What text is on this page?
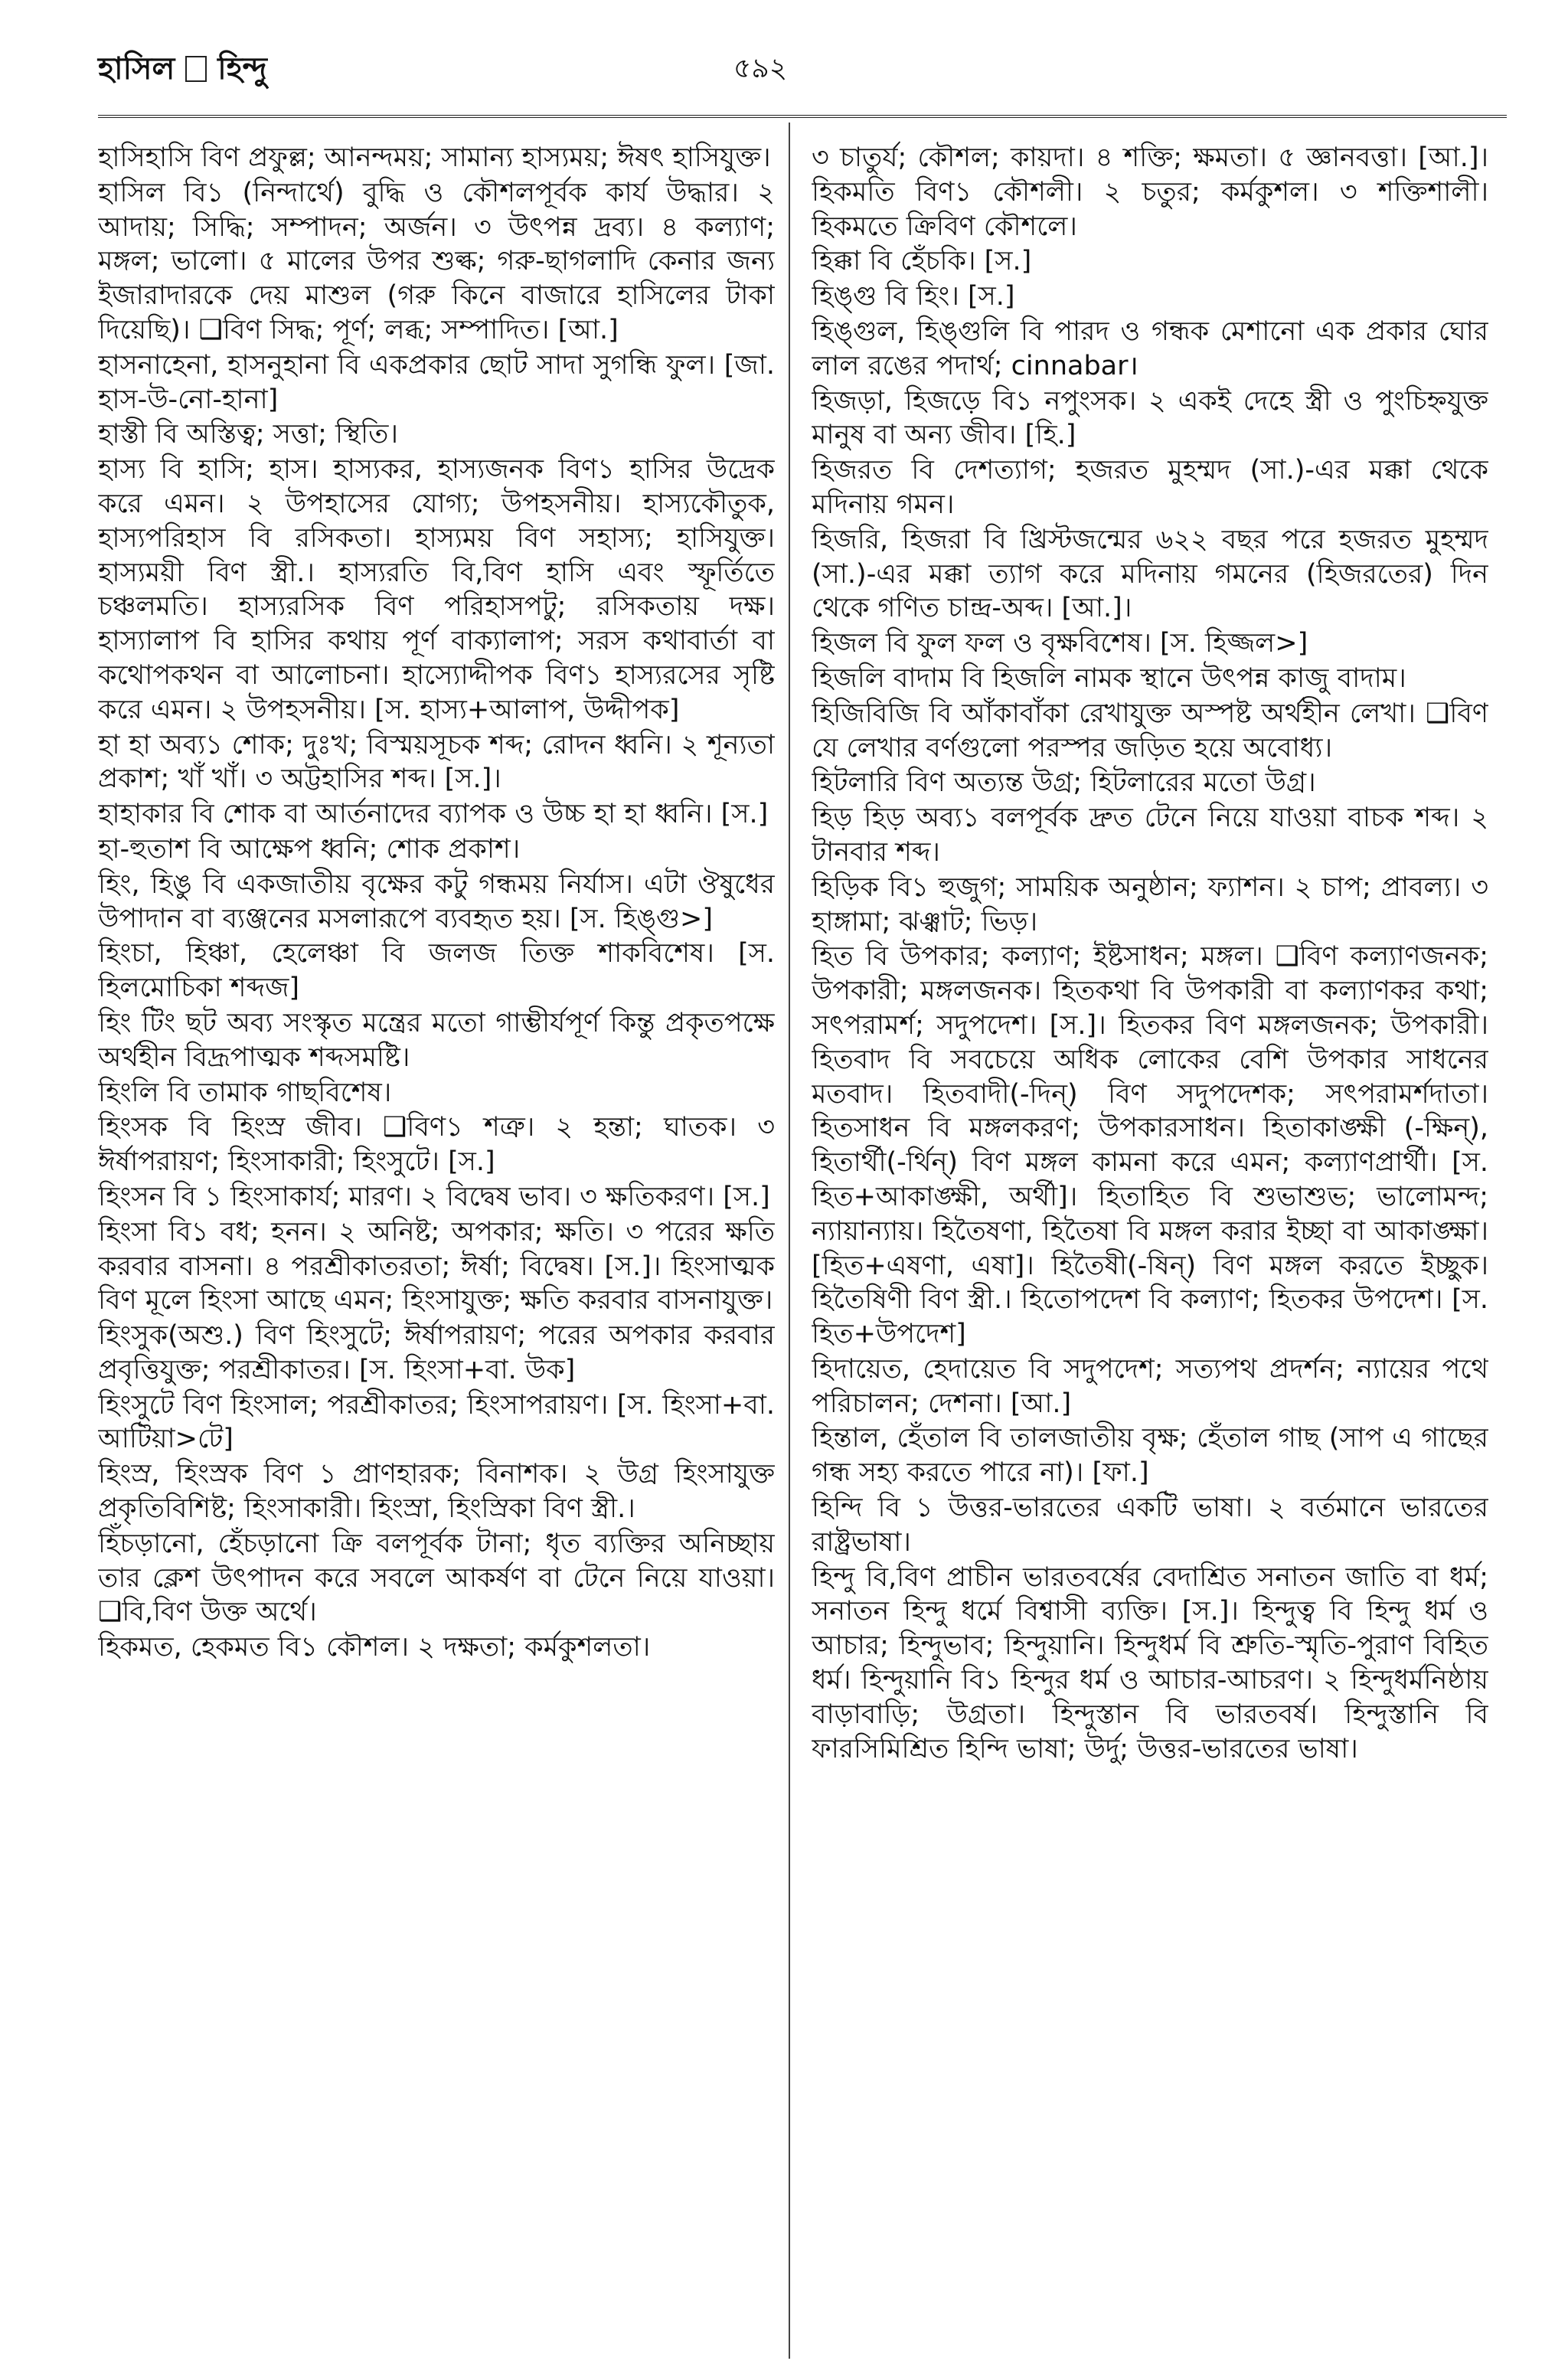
হাসিল হিন্দু	৫৯২

হাসিহাসি বিণ প্রফুল্ল; আনন্দময়; সামান্য হাস্যময়; ঈষৎ হাসিযুক্ত।

হাসিল বি১ (নিন্দার্থে) বুদ্ধি ও কৌশলপূর্বক কার্য উদ্ধার। ২ আদায়; সিদ্ধি; সম্পাদন; অর্জন। ৩ উৎপন্ন দ্রব্য। ৪ কল্যাণ; মঙ্গল; ভালো। ৫ মালের উপর শুল্ক; গরু-ছাগলাদি কেনার জন্য ইজারাদারকে দেয় মাশুল (গরু কিনে বাজারে হাসিলের টাকা দিয়েছি)। ❑বিণ সিদ্ধ; পূর্ণ; লব্ধ; সম্পাদিত। [আ.]

হাসনাহেনা, হাসনুহানা বি একপ্রকার ছোট সাদা সুগন্ধি ফুল। [জা. হাস-উ-নো-হানা]

হাস্তী বি অস্তিত্ব; সত্তা; স্থিতি।

হাস্য বি হাসি; হাস। হাস্যকর, হাস্যজনক বিণ১ হাসির উদ্রেক করে এমন। ২ উপহাসের যোগ্য; উপহসনীয়। হাস্যকৌতুক, হাস্যপরিহাস বি রসিকতা। হাস্যময় বিণ সহাস্য; হাসিযুক্ত। হাস্যময়ী বিণ স্ত্রী.। হাস্যরতি বি,বিণ হাসি এবং স্ফূর্তিতে চঞ্চলমতি। হাস্যরসিক বিণ পরিহাসপটু; রসিকতায় দক্ষ। হাস্যালাপ বি হাসির কথায় পূর্ণ বাক্যালাপ; সরস কথাবার্তা বা কথোপকথন বা আলোচনা। হাস্যোদ্দীপক বিণ১ হাস্যরসের সৃষ্টি করে এমন। ২ উপহসনীয়। [স. হাস্য+আলাপ, উদ্দীপক]

হা হা অব্য১ শোক; দুঃখ; বিস্ময়সূচক শব্দ; রোদন ধ্বনি। ২ শূন্যতা প্রকাশ; খাঁ খাঁ। ৩ অট্টহাসির শব্দ। [স.]।

হাহাকার বি শোক বা আর্তনাদের ব্যাপক ও উচ্চ হা হা ধ্বনি। [স.]

হা-হুতাশ বি আক্ষেপ ধ্বনি; শোক প্রকাশ।

হিং, হিঙু বি একজাতীয় বৃক্ষের কটু গন্ধময় নির্যাস। এটা ঔষুধের উপাদান বা ব্যঞ্জনের মসলারূপে ব্যবহৃত হয়। [স. হিঙ্গু>]

হিংচা, হিঞ্চা, হেলেঞ্চা বি জলজ তিক্ত শাকবিশেষ। [স. হিলমোচিকা শব্দজ]

হিং টিং ছট অব্য সংস্কৃত মন্ত্রের মতো গাম্ভীর্যপূর্ণ কিন্তু প্রকৃতপক্ষে অর্থহীন বিদ্রূপাত্মক শব্দসমষ্টি।

হিংলি বি তামাক গাছবিশেষ।

হিংসক বি হিংস্র জীব। ❑বিণ১ শত্রু। ২ হন্তা; ঘাতক। ৩ ঈর্ষাপরায়ণ; হিংসাকারী; হিংসুটে। [স.]

হিংসন বি ১ হিংসাকার্য; মারণ। ২ বিদ্বেষ ভাব। ৩ ক্ষতিকরণ। [স.]

হিংসা বি১ বধ; হনন। ২ অনিষ্ট; অপকার; ক্ষতি। ৩ পরের ক্ষতি করবার বাসনা। ৪ পরশ্রীকাতরতা; ঈর্ষা; বিদ্বেষ। [স.]। হিংসাত্মক বিণ মূলে হিংসা আছে এমন; হিংসাযুক্ত; ক্ষতি করবার বাসনাযুক্ত।

হিংসুক(অশু.) বিণ হিংসুটে; ঈর্ষাপরায়ণ; পরের অপকার করবার প্রবৃত্তিযুক্ত; পরশ্রীকাতর। [স. হিংসা+বা. উক]

হিংসুটে বিণ হিংসাল; পরশ্রীকাতর; হিংসাপরায়ণ। [স. হিংসা+বা. আটিয়া>টে]

হিংস্র, হিংস্রক বিণ ১ প্রাণহারক; বিনাশক। ২ উগ্র হিংসাযুক্ত প্রকৃতিবিশিষ্ট; হিংসাকারী। হিংস্রা, হিংস্রিকা বিণ স্ত্রী.।

হিঁচড়ানো, হেঁচড়ানো ক্রি বলপূর্বক টানা; ধৃত ব্যক্তির অনিচ্ছায় তার ক্লেশ উৎপাদন করে সবলে আকর্ষণ বা টেনে নিয়ে যাওয়া। ❑বি,বিণ উক্ত অর্থে।

হিকমত, হেকমত বি১ কৌশল। ২ দক্ষতা; কর্মকুশলতা।

৩ চাতুর্য; কৌশল; কায়দা। ৪ শক্তি; ক্ষমতা। ৫ জ্ঞানবত্তা। [আ.]। হিকমতি বিণ১ কৌশলী। ২ চতুর; কর্মকুশল। ৩ শক্তিশালী। হিকমতে ক্রিবিণ কৌশলে।

হিক্কা বি হেঁচকি। [স.]

হিঙ্গু বি হিং। [স.]

হিঙ্গুল, হিঙ্গুলি বি পারদ ও গন্ধক মেশানো এক প্রকার ঘোর লাল রঙের পদার্থ; cinnabar।

হিজড়া, হিজড়ে বি১ নপুংসক। ২ একই দেহে স্ত্রী ও পুংচিহ্নযুক্ত মানুষ বা অন্য জীব। [হি.]

হিজরত বি দেশত্যাগ; হজরত মুহম্মদ (সা.)-এর মক্কা থেকে মদিনায় গমন।

হিজরি, হিজরা বি খ্রিস্টজন্মের ৬২২ বছর পরে হজরত মুহম্মদ (সা.)-এর মক্কা ত্যাগ করে মদিনায় গমনের (হিজরতের) দিন থেকে গণিত চান্দ্র-অব্দ। [আ.]।

হিজল বি ফুল ফল ও বৃক্ষবিশেষ। [স. হিজ্জল>]

হিজলি বাদাম বি হিজলি নামক স্থানে উৎপন্ন কাজু বাদাম।

হিজিবিজি বি আঁকাবাঁকা রেখাযুক্ত অস্পষ্ট অর্থহীন লেখা। ❑বিণ যে লেখার বর্ণগুলো পরস্পর জড়িত হয়ে অবোধ্য।

হিটলারি বিণ অত্যন্ত উগ্র; হিটলারের মতো উগ্র।

হিড় হিড় অব্য১ বলপূর্বক দ্রুত টেনে নিয়ে যাওয়া বাচক শব্দ। ২ টানবার শব্দ।

হিড়িক বি১ হুজুগ; সাময়িক অনুষ্ঠান; ফ্যাশন। ২ চাপ; প্রাবল্য। ৩ হাঙ্গামা; ঝঞ্ঝাট; ভিড়।

হিত বি উপকার; কল্যাণ; ইষ্টসাধন; মঙ্গল। ❑বিণ কল্যাণজনক; উপকারী; মঙ্গলজনক। হিতকথা বি উপকারী বা কল্যাণকর কথা; সৎপরামর্শ; সদুপদেশ। [স.]। হিতকর বিণ মঙ্গলজনক; উপকারী। হিতবাদ বি সবচেয়ে অধিক লোকের বেশি উপকার সাধনের মতবাদ। হিতবাদী(-দিন্) বিণ সদুপদেশক; সৎপরামর্শদাতা। হিতসাধন বি মঙ্গলকরণ; উপকারসাধন। হিতাকাঙ্ক্ষী (-ক্ষিন্), হিতার্থী(-র্থিন্) বিণ মঙ্গল কামনা করে এমন; কল্যাণপ্রার্থী। [স. হিত+আকাঙ্ক্ষী, অর্থী]। হিতাহিত বি শুভাশুভ; ভালোমন্দ; ন্যায়ান্যায়। হিতৈষণা, হিতৈষা বি মঙ্গল করার ইচ্ছা বা আকাঙ্ক্ষা। [হিত+এষণা, এষা]। হিতৈষী(-ষিন্) বিণ মঙ্গল করতে ইচ্ছুক। হিতৈষিণী বিণ স্ত্রী.। হিতোপদেশ বি কল্যাণ; হিতকর উপদেশ। [স. হিত+উপদেশ]

হিদায়েত, হেদায়েত বি সদুপদেশ; সত্যপথ প্রদর্শন; ন্যায়ের পথে পরিচালন; দেশনা। [আ.]

হিন্তাল, হেঁতাল বি তালজাতীয় বৃক্ষ; হেঁতাল গাছ (সাপ এ গাছের গন্ধ সহ্য করতে পারে না)। [ফা.]

হিন্দি বি ১ উত্তর-ভারতের একটি ভাষা। ২ বর্তমানে ভারতের রাষ্ট্রভাষা।

হিন্দু বি,বিণ প্রাচীন ভারতবর্ষের বেদাশ্রিত সনাতন জাতি বা ধর্ম; সনাতন হিন্দু ধর্মে বিশ্বাসী ব্যক্তি। [স.]। হিন্দুত্ব বি হিন্দু ধর্ম ও আচার; হিন্দুভাব; হিন্দুয়ানি। হিন্দুধর্ম বি শ্রুতি-স্মৃতি-পুরাণ বিহিত ধর্ম। হিন্দুয়ানি বি১ হিন্দুর ধর্ম ও আচার-আচরণ। ২ হিন্দুধর্মনিষ্ঠায় বাড়াবাড়ি; উগ্রতা। হিন্দুস্তান বি ভারতবর্ষ। হিন্দুস্তানি বি ফারসিমিশ্রিত হিন্দি ভাষা; উর্দু; উত্তর-ভারতের ভাষা।
